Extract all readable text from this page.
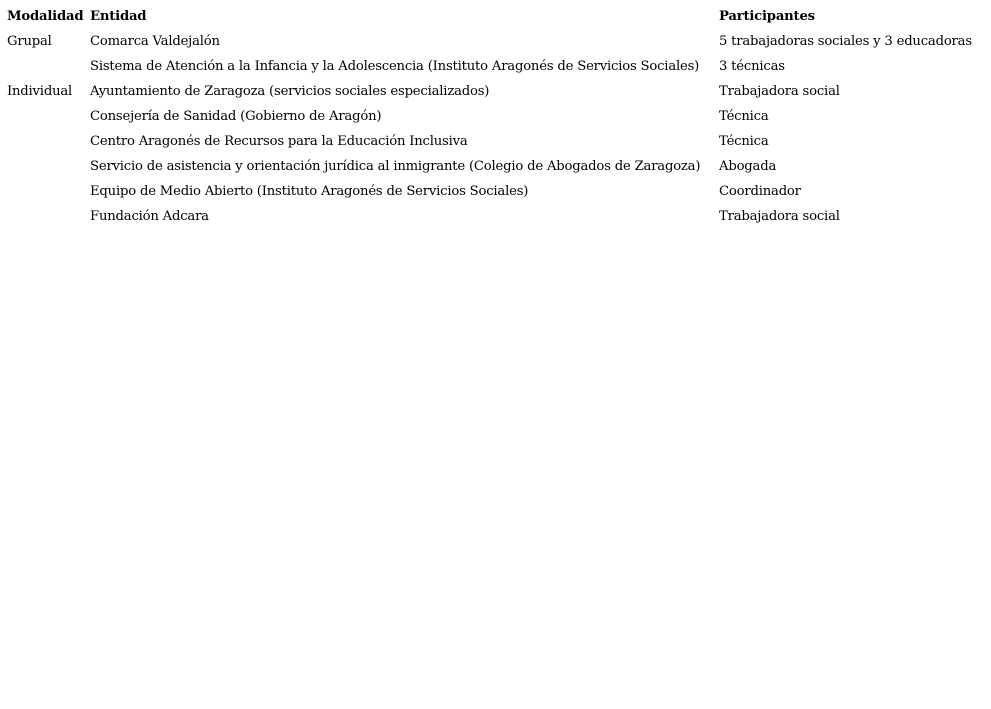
Modalidad	Entidad	Participantes
Grupal	Comarca Valdejalón	5 trabajadoras sociales y 3 educadoras
	Sistema de Atención a la Infancia y la Adolescencia (Instituto Aragonés de Servicios Sociales)	3 técnicas
Individual	Ayuntamiento de Zaragoza (servicios sociales especializados)	Trabajadora social
	Consejería de Sanidad (Gobierno de Aragón)	Técnica
	Centro Aragonés de Recursos para la Educación Inclusiva	Técnica
	Servicio de asistencia y orientación jurídica al inmigrante (Colegio de Abogados de Zaragoza)	Abogada
	Equipo de Medio Abierto (Instituto Aragonés de Servicios Sociales)	Coordinador
	Fundación Adcara	Trabajadora social
